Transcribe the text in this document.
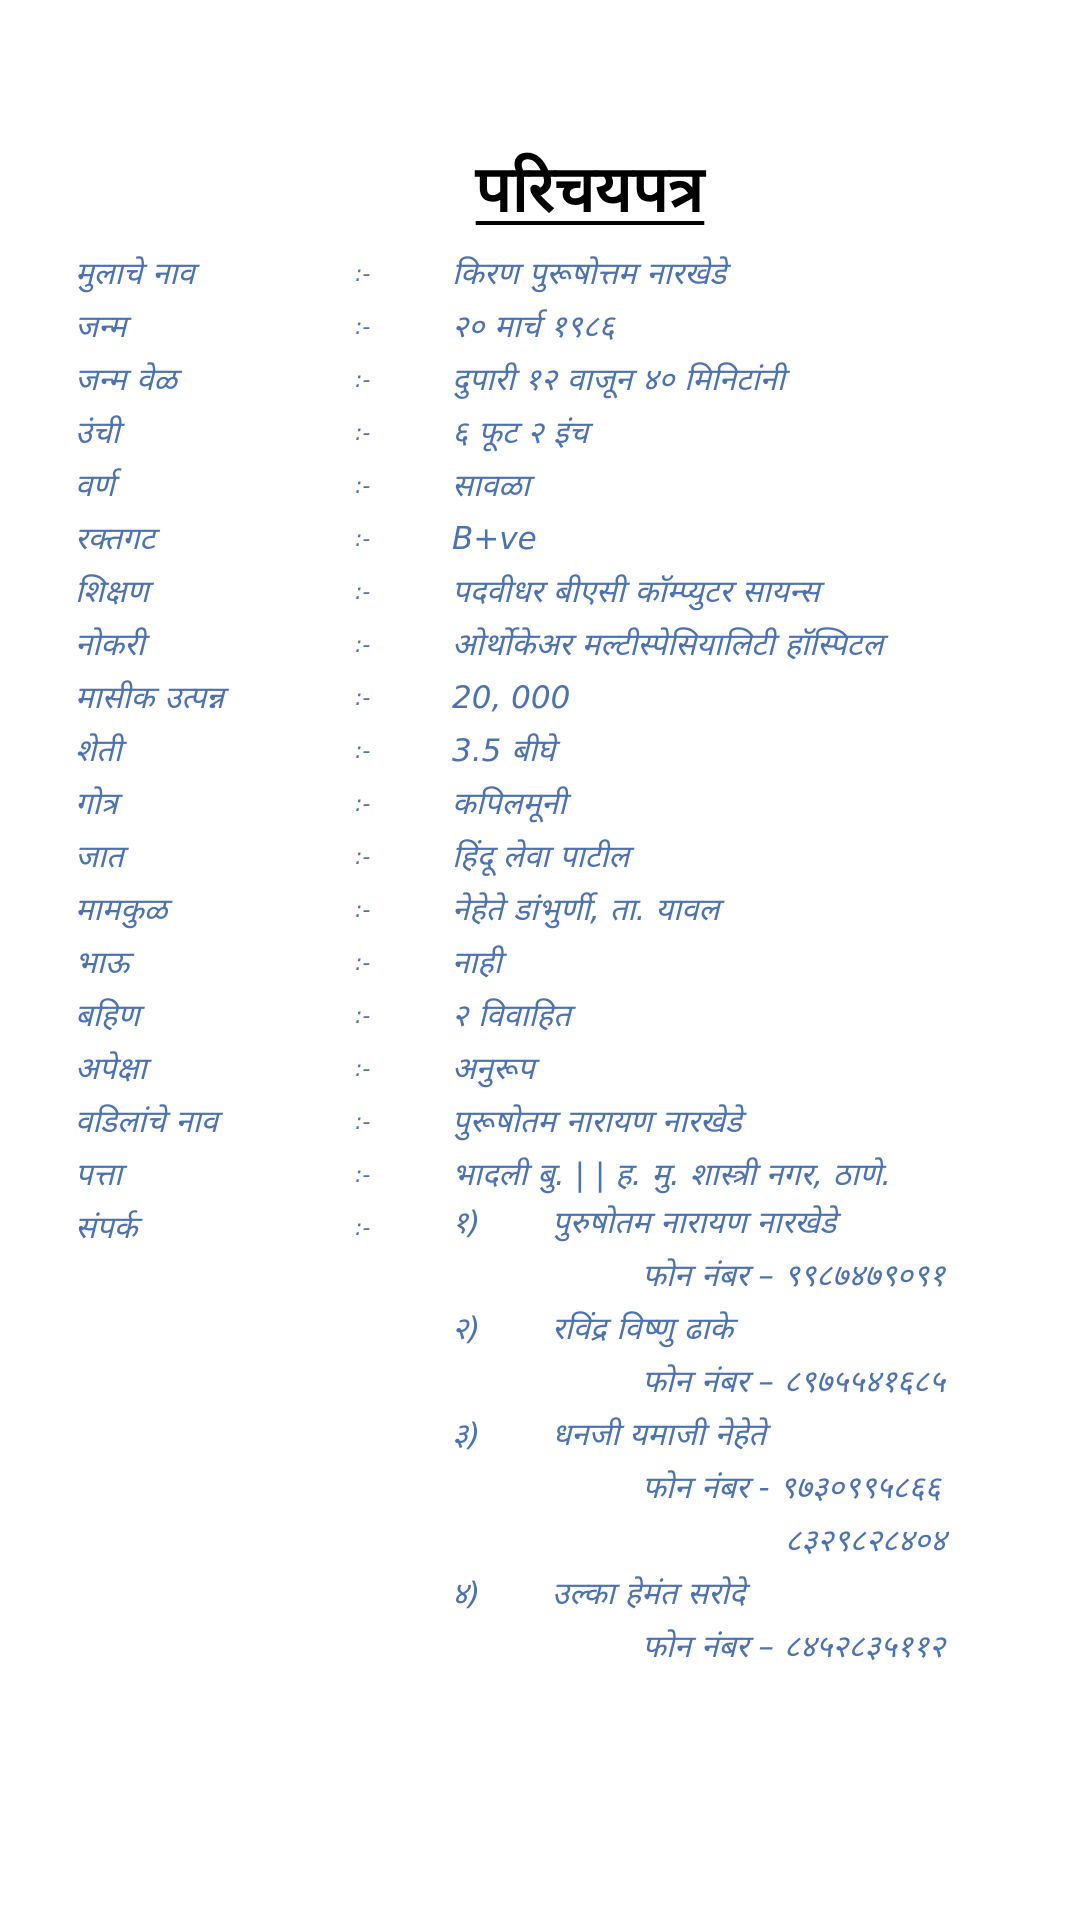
परिचयपत्र
मुलाचे नाव	:-	किरण पुरूषोत्तम नारखेडे
जन्म	:-	२० मार्च १९८६
जन्म वेळ	:-	दुपारी १२ वाजून ४० मिनिटांनी
उंची	:-	६ फूट २ इंच
वर्ण	:-	सावळा
रक्तगट	:-	B+ve
शिक्षण	:-	पदवीधर बीएसी कॉम्प्युटर सायन्स
नोकरी	:-	ओर्थोकेअर मल्टीस्पेसियालिटी हॉस्पिटल
मासीक उत्पन्न	:-	20, 000
शेती	:-	3.5 बीघे
गोत्र	:-	कपिलमूनी
जात	:-	हिंदू लेवा पाटील
मामकुळ	:-	नेहेते डांभुर्णी, ता. यावल
भाऊ	:-	नाही
बहिण	:-	२ विवाहित
अपेक्षा	:-	अनुरूप
वडिलांचे नाव	:-	पुरूषोतम नारायण नारखेडे
पत्ता	:-	भादली बु. | | ह. मु. शास्त्री नगर, ठाणे.
संपर्क	:-	१) पुरुषोतम नारायण नारखेडे
फोन नंबर – ९९८७४७९०९१
२) रविंद्र विष्णु ढाके
फोन नंबर – ८९७५५४१६८५
३) धनजी यमाजी नेहेते
फोन नंबर - ९७३०९९५८६६
८३२९८२८४०४
४) उल्का हेमंत सरोदे
फोन नंबर – ८४५२८३५११२
